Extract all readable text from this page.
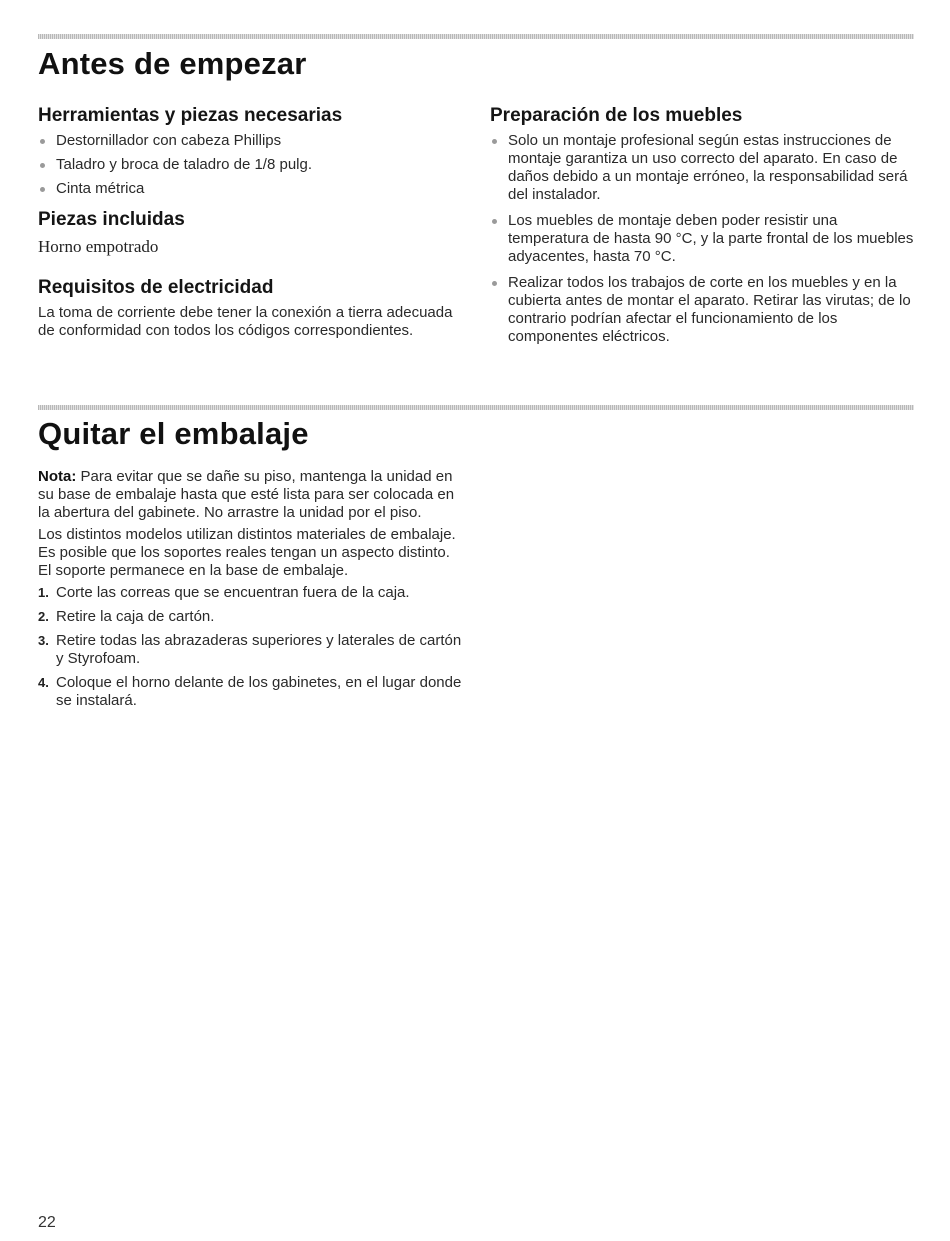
Antes de empezar
Herramientas y piezas necesarias
Destornillador con cabeza Phillips
Taladro y broca de taladro de 1/8 pulg.
Cinta métrica
Piezas incluidas

Horno empotrado

Requisitos de electricidad

La toma de corriente debe tener la conexión a tierra adecuada de conformidad con todos los códigos correspondientes.

Preparación de los muebles
Solo un montaje profesional según estas instrucciones de montaje garantiza un uso correcto del aparato. En caso de daños debido a un montaje erróneo, la responsabilidad será del instalador.
Los muebles de montaje deben poder resistir una temperatura de hasta 90 °C, y la parte frontal de los muebles adyacentes, hasta 70 °C.
Realizar todos los trabajos de corte en los muebles y en la cubierta antes de montar el aparato. Retirar las virutas; de lo contrario podrían afectar el funcionamiento de los componentes eléctricos.
Quitar el embalaje

Nota: Para evitar que se dañe su piso, mantenga la unidad en su base de embalaje hasta que esté lista para ser colocada en la abertura del gabinete. No arrastre la unidad por el piso.

Los distintos modelos utilizan distintos materiales de embalaje. Es posible que los soportes reales tengan un aspecto distinto. El soporte permanece en la base de embalaje.

1. Corte las correas que se encuentran fuera de la caja.
2. Retire la caja de cartón.
3. Retire todas las abrazaderas superiores y laterales de cartón y Styrofoam.
4. Coloque el horno delante de los gabinetes, en el lugar donde se instalará.

22
